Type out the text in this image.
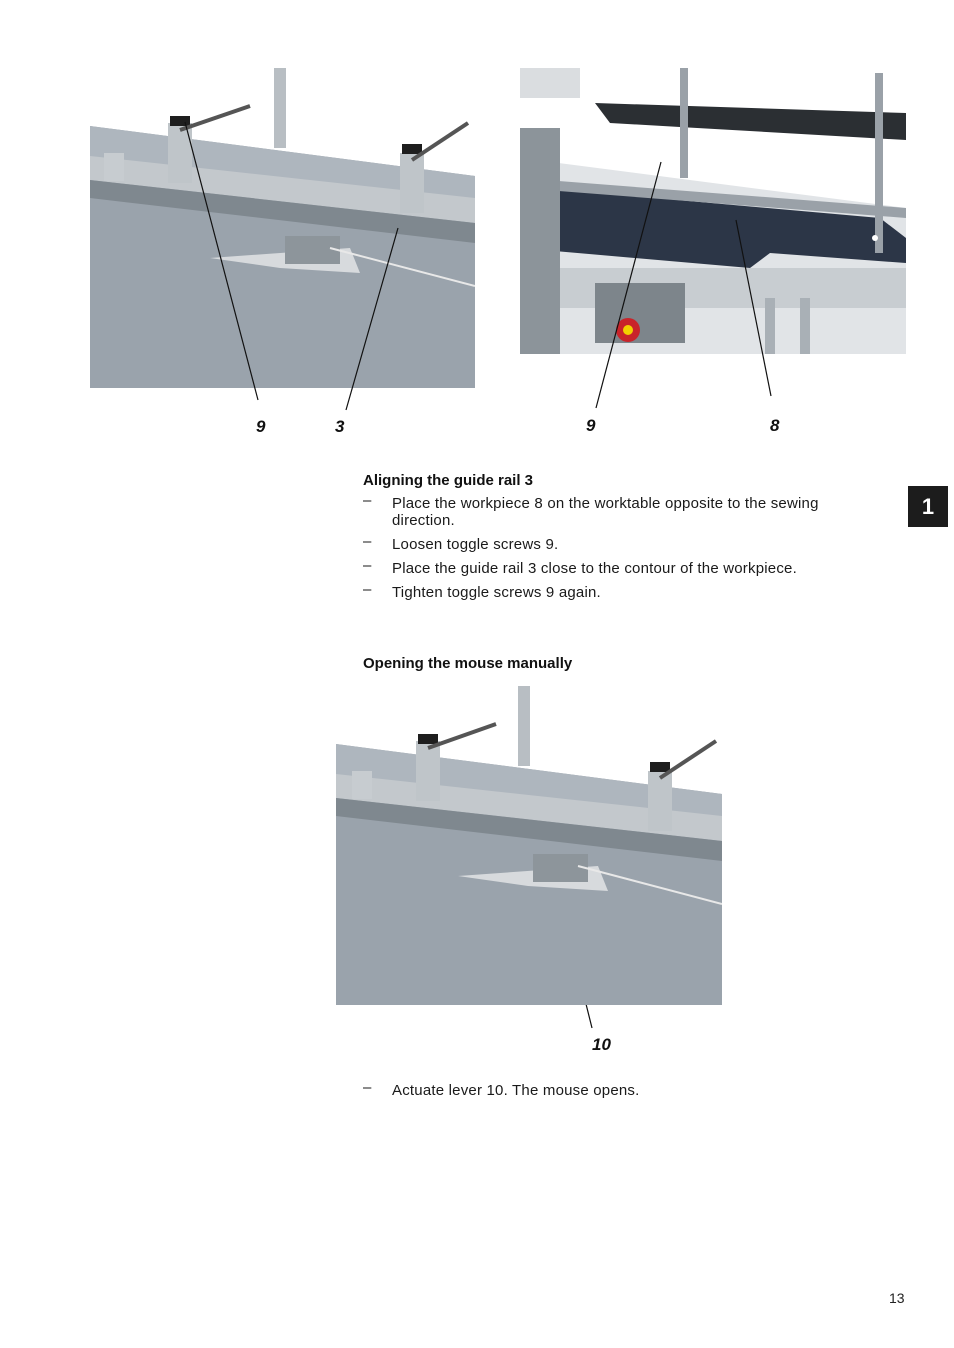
9	3	9	8
Aligning the guide rail 3
– Place the workpiece 8 on the worktable opposite to the sewing direction.
– Loosen toggle screws 9.
– Place the guide rail 3 close to the contour of the workpiece.
– Tighten toggle screws 9 again.
Opening the mouse manually
10
– Actuate lever 10. The mouse opens.
1
13
